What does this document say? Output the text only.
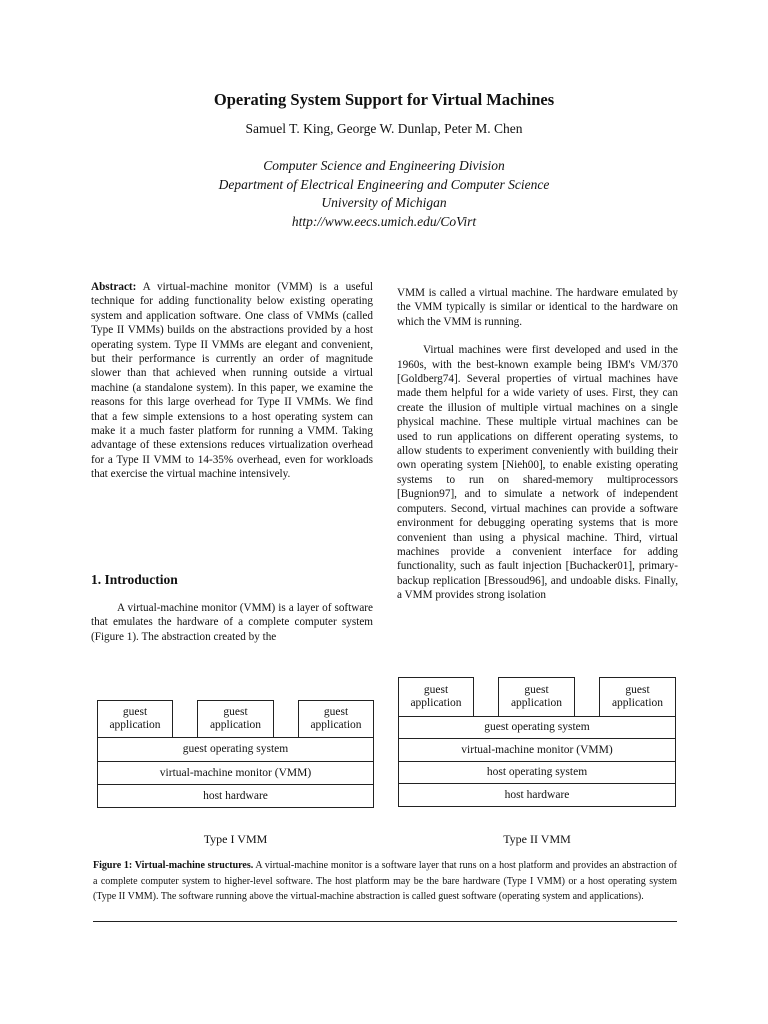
Operating System Support for Virtual Machines
Samuel T. King, George W. Dunlap, Peter M. Chen
Computer Science and Engineering Division
Department of Electrical Engineering and Computer Science
University of Michigan
http://www.eecs.umich.edu/CoVirt

Abstract: A virtual-machine monitor (VMM) is a useful technique for adding functionality below existing operating system and application software. One class of VMMs (called Type II VMMs) builds on the abstractions provided by a host operating system. Type II VMMs are elegant and convenient, but their performance is currently an order of magnitude slower than that achieved when running outside a virtual machine (a standalone system). In this paper, we examine the reasons for this large overhead for Type II VMMs. We find that a few simple extensions to a host operating system can make it a much faster platform for running a VMM. Taking advantage of these extensions reduces virtualization overhead for a Type II VMM to 14-35% overhead, even for workloads that exercise the virtual machine intensively.

1. Introduction

A virtual-machine monitor (VMM) is a layer of software that emulates the hardware of a complete computer system (Figure 1). The abstraction created by the

VMM is called a virtual machine. The hardware emulated by the VMM typically is similar or identical to the hardware on which the VMM is running.

Virtual machines were first developed and used in the 1960s, with the best-known example being IBM's VM/370 [Goldberg74]. Several properties of virtual machines have made them helpful for a wide variety of uses. First, they can create the illusion of multiple virtual machines on a single physical machine. These multiple virtual machines can be used to run applications on different operating systems, to allow students to experiment conveniently with building their own operating system [Nieh00], to enable existing operating systems to run on shared-memory multiprocessors [Bugnion97], and to simulate a network of independent computers. Second, virtual machines can provide a software environment for debugging operating systems that is more convenient than using a physical machine. Third, virtual machines provide a convenient interface for adding functionality, such as fault injection [Buchacker01], primary-backup replication [Bressoud96], and undoable disks. Finally, a VMM provides strong isolation

guest application
guest application
guest application
guest operating system
virtual-machine monitor (VMM)
host hardware
Type I VMM
guest application
guest application
guest application
guest operating system
virtual-machine monitor (VMM)
host operating system
host hardware
Type II VMM
Figure 1: Virtual-machine structures. A virtual-machine monitor is a software layer that runs on a host platform and provides an abstraction of a complete computer system to higher-level software. The host platform may be the bare hardware (Type I VMM) or a host operating system (Type II VMM). The software running above the virtual-machine abstraction is called guest software (operating system and applications).
